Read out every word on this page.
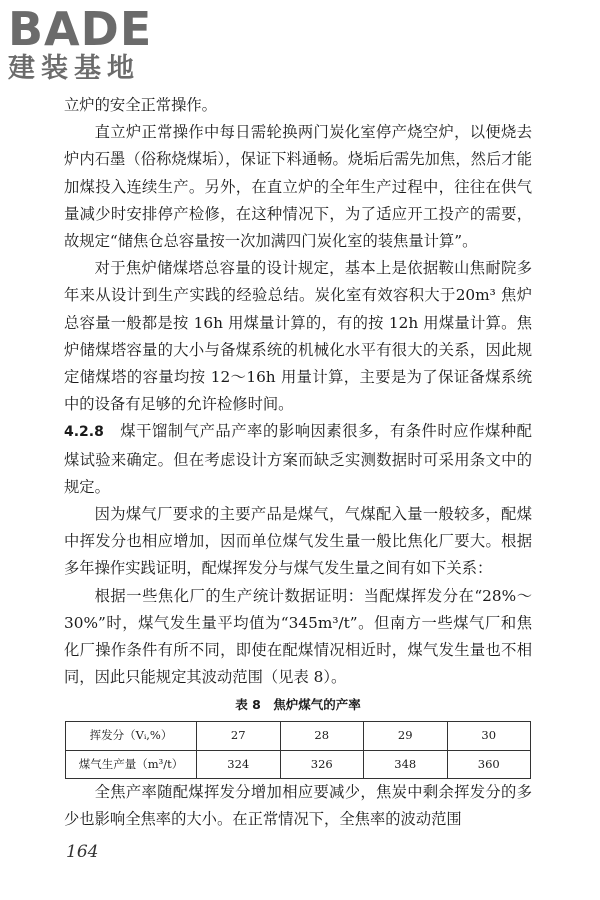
BADE
建装基地

立炉的安全正常操作。

直立炉正常操作中每日需轮换两门炭化室停产烧空炉，以便烧去炉内石墨（俗称烧煤垢），保证下料通畅。烧垢后需先加焦，然后才能加煤投入连续生产。另外，在直立炉的全年生产过程中，往往在供气量减少时安排停产检修，在这种情况下，为了适应开工投产的需要，故规定“储焦仓总容量按一次加满四门炭化室的装焦量计算”。

对于焦炉储煤塔总容量的设计规定，基本上是依据鞍山焦耐院多年来从设计到生产实践的经验总结。炭化室有效容积大于20m³ 焦炉总容量一般都是按 16h 用煤量计算的，有的按 12h 用煤量计算。焦炉储煤塔容量的大小与备煤系统的机械化水平有很大的关系，因此规定储煤塔的容量均按 12～16h 用量计算，主要是为了保证备煤系统中的设备有足够的允许检修时间。

4.2.8　 煤干馏制气产品产率的影响因素很多，有条件时应作煤种配煤试验来确定。但在考虑设计方案而缺乏实测数据时可采用条文中的规定。

因为煤气厂要求的主要产品是煤气，气煤配入量一般较多，配煤中挥发分也相应增加，因而单位煤气发生量一般比焦化厂要大。根据多年操作实践证明，配煤挥发分与煤气发生量之间有如下关系：

根据一些焦化厂的生产统计数据证明：当配煤挥发分在“28%～30%”时，煤气发生量平均值为“345m³/t”。但南方一些煤气厂和焦化厂操作条件有所不同，即使在配煤情况相近时，煤气发生量也不相同，因此只能规定其波动范围（见表 8）。

表 8　焦炉煤气的产率
挥发分（Vᵢ,%）	27	28	29	30
煤气生产量（m³/t）	324	326	348	360

全焦产率随配煤挥发分增加相应要减少，焦炭中剩余挥发分的多少也影响全焦率的大小。在正常情况下，全焦率的波动范围

164
